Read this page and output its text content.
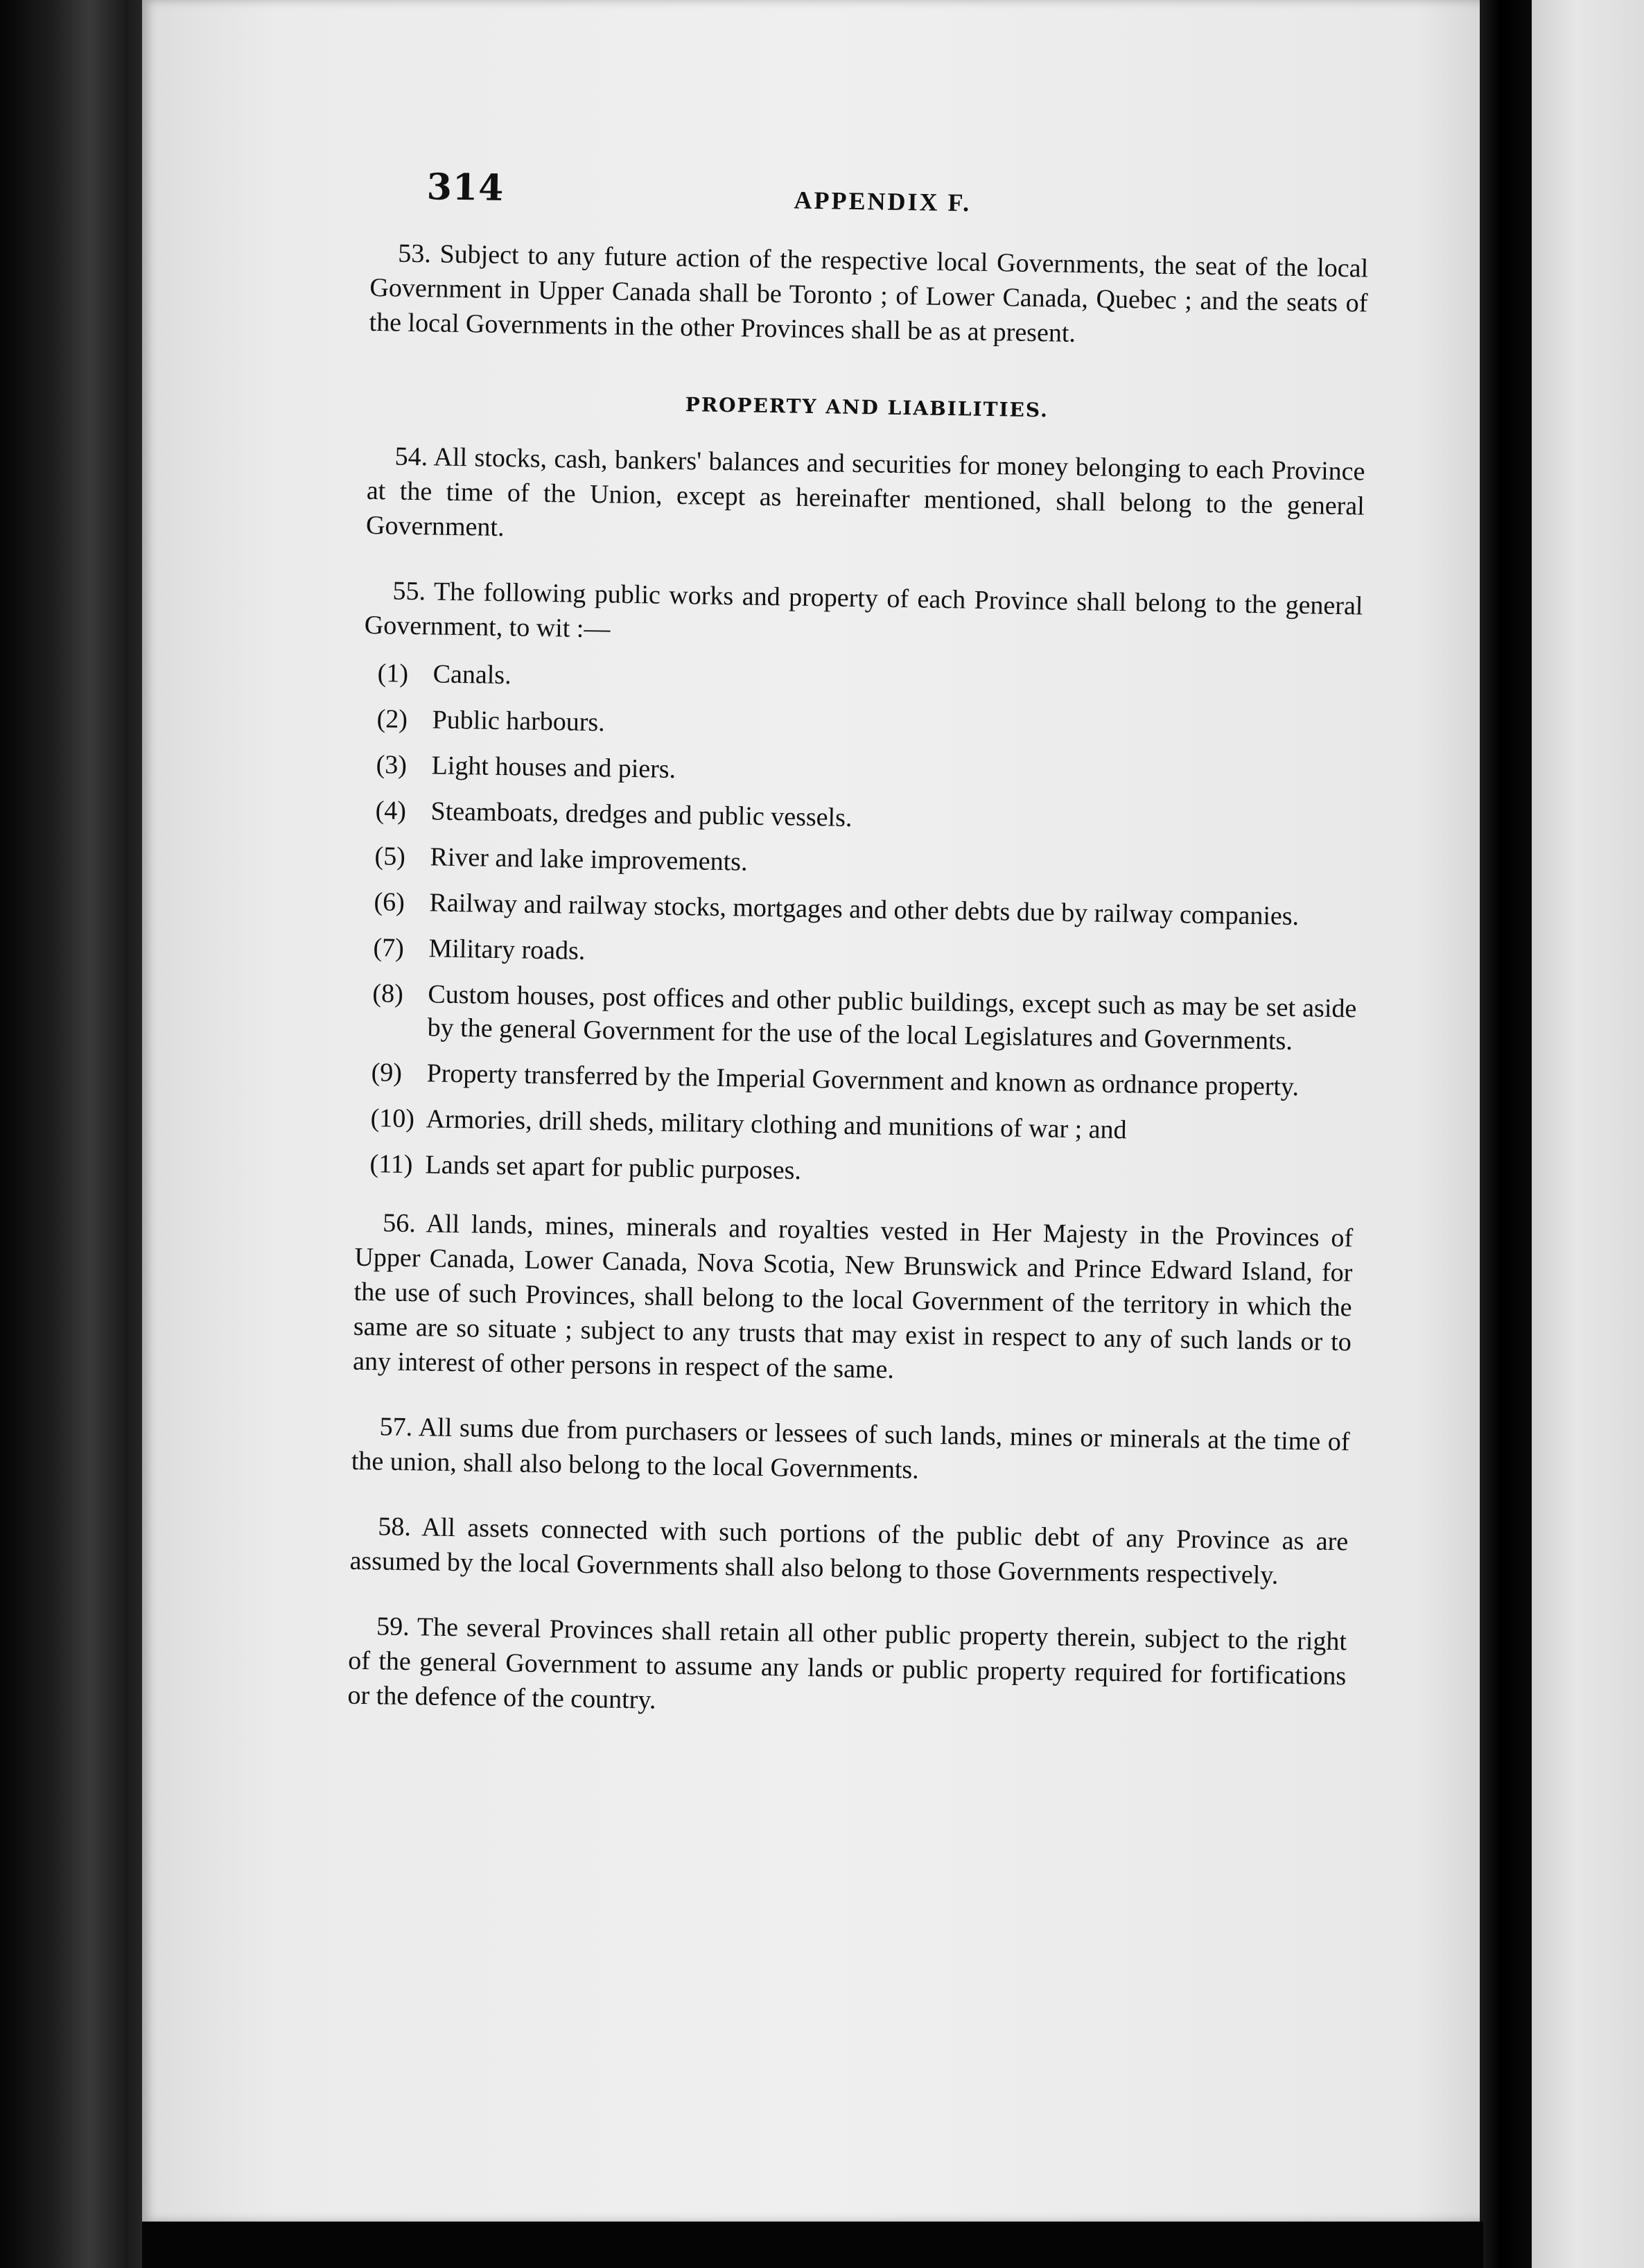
314	APPENDIX F.

53. Subject to any future action of the respective local Governments, the seat of the local Government in Upper Canada shall be Toronto ; of Lower Canada, Quebec ; and the seats of the local Governments in the other Provinces shall be as at present.

PROPERTY AND LIABILITIES.

54. All stocks, cash, bankers' balances and securities for money belonging to each Province at the time of the Union, except as hereinafter mentioned, shall belong to the general Government.

55. The following public works and property of each Province shall belong to the general Government, to wit :—

(1) Canals.
(2) Public harbours.
(3) Light houses and piers.
(4) Steamboats, dredges and public vessels.
(5) River and lake improvements.
(6) Railway and railway stocks, mortgages and other debts due by railway companies.
(7) Military roads.
(8) Custom houses, post offices and other public buildings, except such as may be set aside by the general Government for the use of the local Legislatures and Governments.
(9) Property transferred by the Imperial Government and known as ordnance property.
(10) Armories, drill sheds, military clothing and munitions of war ; and
(11) Lands set apart for public purposes.

56. All lands, mines, minerals and royalties vested in Her Majesty in the Provinces of Upper Canada, Lower Canada, Nova Scotia, New Brunswick and Prince Edward Island, for the use of such Provinces, shall belong to the local Government of the territory in which the same are so situate ; subject to any trusts that may exist in respect to any of such lands or to any interest of other persons in respect of the same.

57. All sums due from purchasers or lessees of such lands, mines or minerals at the time of the union, shall also belong to the local Governments.

58. All assets connected with such portions of the public debt of any Province as are assumed by the local Governments shall also belong to those Governments respectively.

59. The several Provinces shall retain all other public property therein, subject to the right of the general Government to assume any lands or public property required for fortifications or the defence of the country.
